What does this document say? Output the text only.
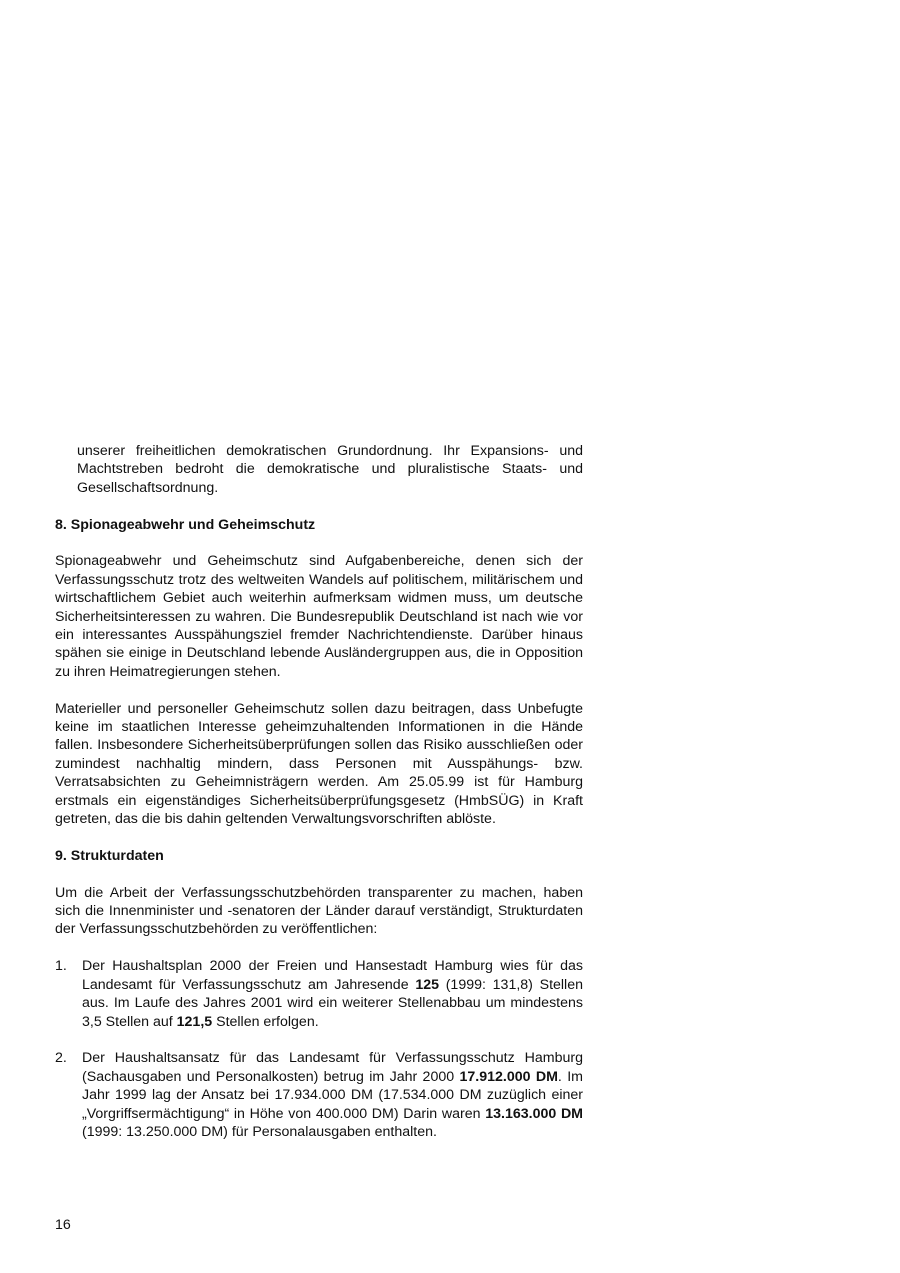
unserer freiheitlichen demokratischen Grundordnung. Ihr Expansions- und Machtstreben bedroht die demokratische und pluralistische Staats- und Gesellschaftsordnung.

8. Spionageabwehr und Geheimschutz

Spionageabwehr und Geheimschutz sind Aufgabenbereiche, denen sich der Verfassungsschutz trotz des weltweiten Wandels auf politischem, militärischem und wirtschaftlichem Gebiet auch weiterhin aufmerksam widmen muss, um deutsche Sicherheitsinteressen zu wahren. Die Bundesrepublik Deutschland ist nach wie vor ein interessantes Ausspähungsziel fremder Nachrichtendienste. Darüber hinaus spähen sie einige in Deutschland lebende Ausländergruppen aus, die in Opposition zu ihren Heimatregierungen stehen.

Materieller und personeller Geheimschutz sollen dazu beitragen, dass Unbefugte keine im staatlichen Interesse geheimzuhaltenden Informationen in die Hände fallen. Insbesondere Sicherheitsüberprüfungen sollen das Risiko ausschließen oder zumindest nachhaltig mindern, dass Personen mit Ausspähungs- bzw. Verratsabsichten zu Geheimnisträgern werden. Am 25.05.99 ist für Hamburg erstmals ein eigenständiges Sicherheitsüberprüfungsgesetz (HmbSÜG) in Kraft getreten, das die bis dahin geltenden Verwaltungsvorschriften ablöste.

9. Strukturdaten

Um die Arbeit der Verfassungsschutzbehörden transparenter zu machen, haben sich die Innenminister und -senatoren der Länder darauf verständigt, Strukturdaten der Verfassungsschutzbehörden zu veröffentlichen:

1. Der Haushaltsplan 2000 der Freien und Hansestadt Hamburg wies für das Landesamt für Verfassungsschutz am Jahresende 125 (1999: 131,8) Stellen aus. Im Laufe des Jahres 2001 wird ein weiterer Stellenabbau um mindestens 3,5 Stellen auf 121,5 Stellen erfolgen.
2. Der Haushaltsansatz für das Landesamt für Verfassungsschutz Hamburg (Sachausgaben und Personalkosten) betrug im Jahr 2000 17.912.000 DM. Im Jahr 1999 lag der Ansatz bei 17.934.000 DM (17.534.000 DM zuzüglich einer „Vorgriffsermächtigung“ in Höhe von 400.000 DM) Darin waren 13.163.000 DM (1999: 13.250.000 DM) für Personalausgaben enthalten.
16
